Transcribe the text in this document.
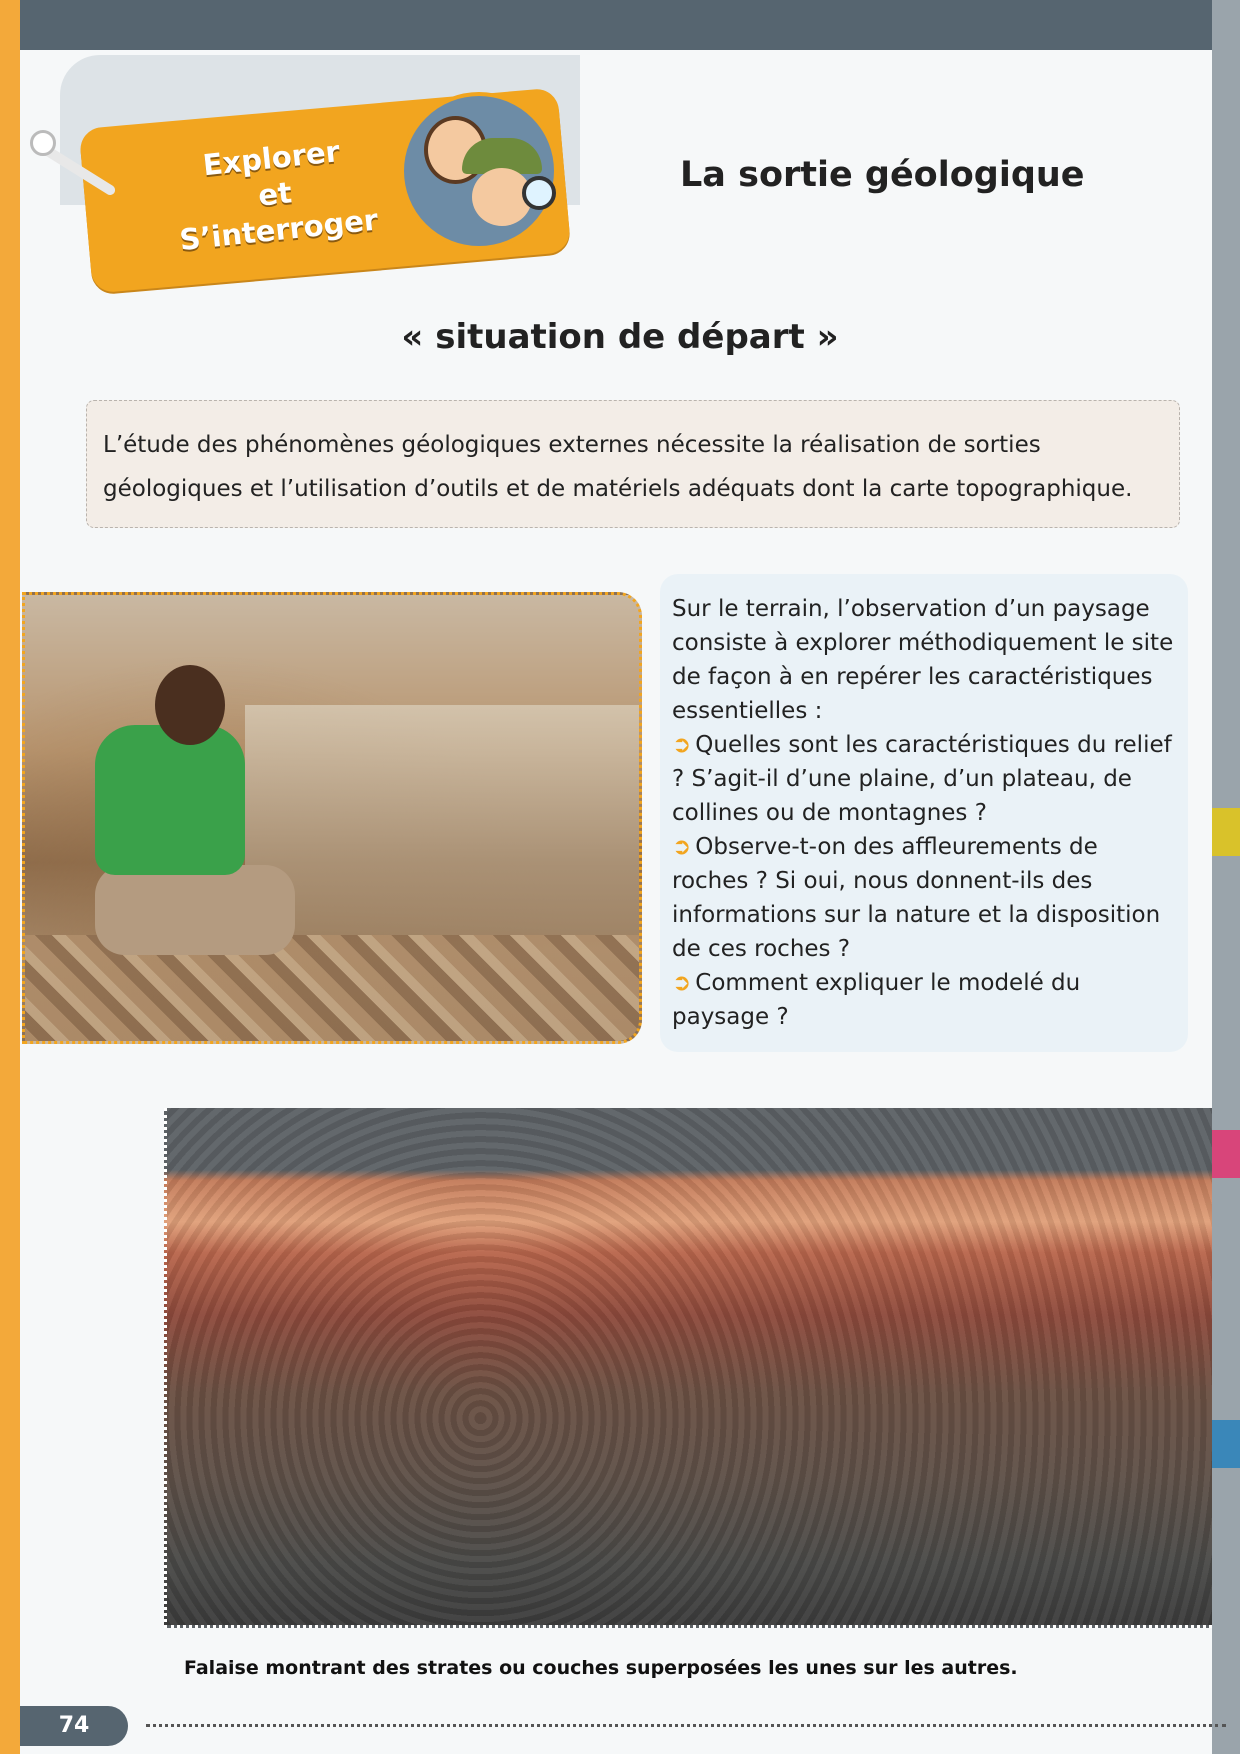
Explorer
et
S’interroger
La sortie géologique
« situation de départ »
L’étude des phénomènes géologiques externes nécessite la réalisation de sorties
géologiques et l’utilisation d’outils et de matériels adéquats dont la carte topographique.

Sur le terrain, l’observation d’un paysage consiste à explorer méthodiquement le site de façon à en repérer les caractéristiques essentielles :

➲ Quelles sont les caractéristiques du relief ? S’agit-il d’une plaine, d’un plateau, de collines ou de montagnes ?

➲ Observe-t-on des affleurements de roches ? Si oui, nous donnent-ils des informations sur la nature et la disposition de ces roches ?

➲ Comment expliquer le modelé du paysage ?

Falaise montrant des strates ou couches superposées les unes sur les autres.
74
